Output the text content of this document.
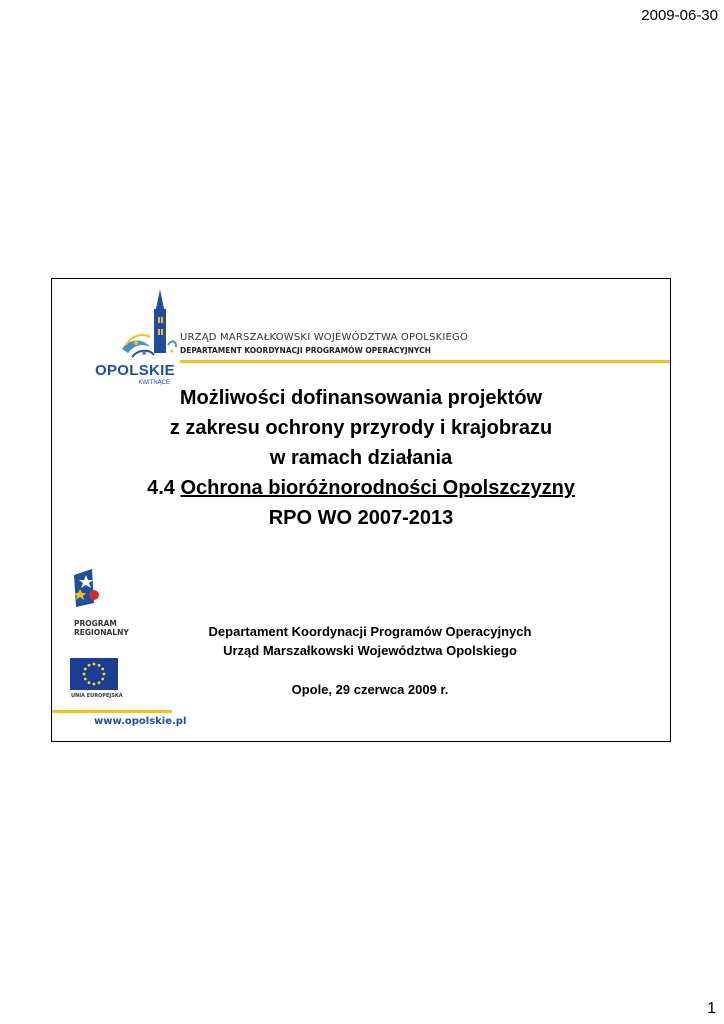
2009-06-30
OPOLSKIE
KWITNĄCE
URZĄD MARSZAŁKOWSKI WOJEWÓDZTWA OPOLSKIEGO
DEPARTAMENT KOORDYNACJI PROGRAMÓW OPERACYJNYCH
Możliwości dofinansowania projektów
z zakresu ochrony przyrody i krajobrazu
w ramach działania
4.4 Ochrona bioróżnorodności Opolszczyzny
RPO WO 2007-2013
PROGRAM
REGIONALNY
UNIA EUROPEJSKA
www.opolskie.pl
Departament Koordynacji Programów Operacyjnych
Urząd Marszałkowski Województwa Opolskiego
Opole, 29 czerwca 2009 r.
1
